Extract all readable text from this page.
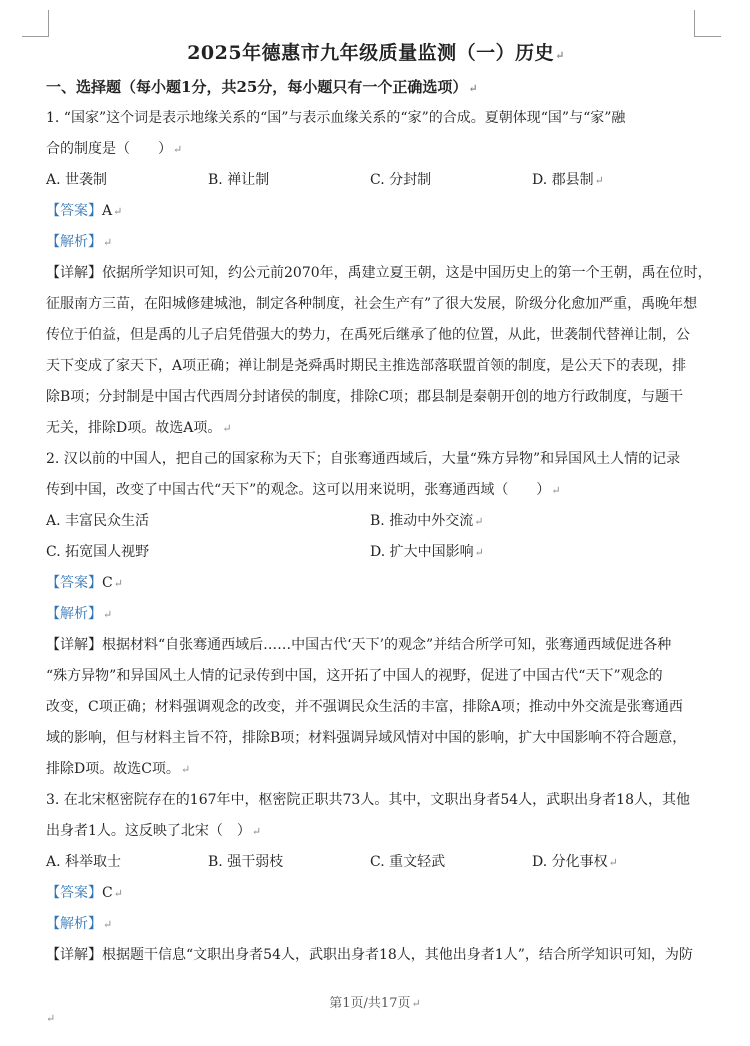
2025年德惠市九年级质量监测（一）历史↵
一、选择题（每小题1分，共25分，每小题只有一个正确选项）↵
1. “国家”这个词是表示地缘关系的“国”与表示血缘关系的“家”的合成。夏朝体现“国”与“家”融
合的制度是（　　）↵
A. 世袭制	B. 禅让制	C. 分封制	D. 郡县制↵
【答案】A↵
【解析】↵
【详解】依据所学知识可知，约公元前2070年，禹建立夏王朝，这是中国历史上的第一个王朝，禹在位时，
征服南方三苗，在阳城修建城池，制定各种制度，社会生产有”了很大发展，阶级分化愈加严重，禹晚年想
传位于伯益，但是禹的儿子启凭借强大的势力，在禹死后继承了他的位置，从此，世袭制代替禅让制，公
天下变成了家天下，A项正确；禅让制是尧舜禹时期民主推选部落联盟首领的制度，是公天下的表现，排
除B项；分封制是中国古代西周分封诸侯的制度，排除C项；郡县制是秦朝开创的地方行政制度，与题干
无关，排除D项。故选A项。↵
2. 汉以前的中国人，把自己的国家称为天下；自张骞通西域后，大量“殊方异物”和异国风土人情的记录
传到中国，改变了中国古代“天下”的观念。这可以用来说明，张骞通西域（　　）↵
A. 丰富民众生活	B. 推动中外交流↵
C. 拓宽国人视野	D. 扩大中国影响↵
【答案】C↵
【解析】↵
【详解】根据材料“自张骞通西域后……中国古代‘天下’的观念”并结合所学可知，张骞通西域促进各种
“殊方异物”和异国风土人情的记录传到中国，这开拓了中国人的视野，促进了中国古代“天下”观念的
改变，C项正确；材料强调观念的改变，并不强调民众生活的丰富，排除A项；推动中外交流是张骞通西
域的影响，但与材料主旨不符，排除B项；材料强调异域风情对中国的影响，扩大中国影响不符合题意，
排除D项。故选C项。↵
3. 在北宋枢密院存在的167年中，枢密院正职共73人。其中，文职出身者54人，武职出身者18人，其他
出身者1人。这反映了北宋（　）↵
A. 科举取士	B. 强干弱枝	C. 重文轻武	D. 分化事权↵
【答案】C↵
【解析】↵
【详解】根据题干信息“文职出身者54人，武职出身者18人，其他出身者1人”，结合所学知识可知，为防
第1页/共17页↵
↵
